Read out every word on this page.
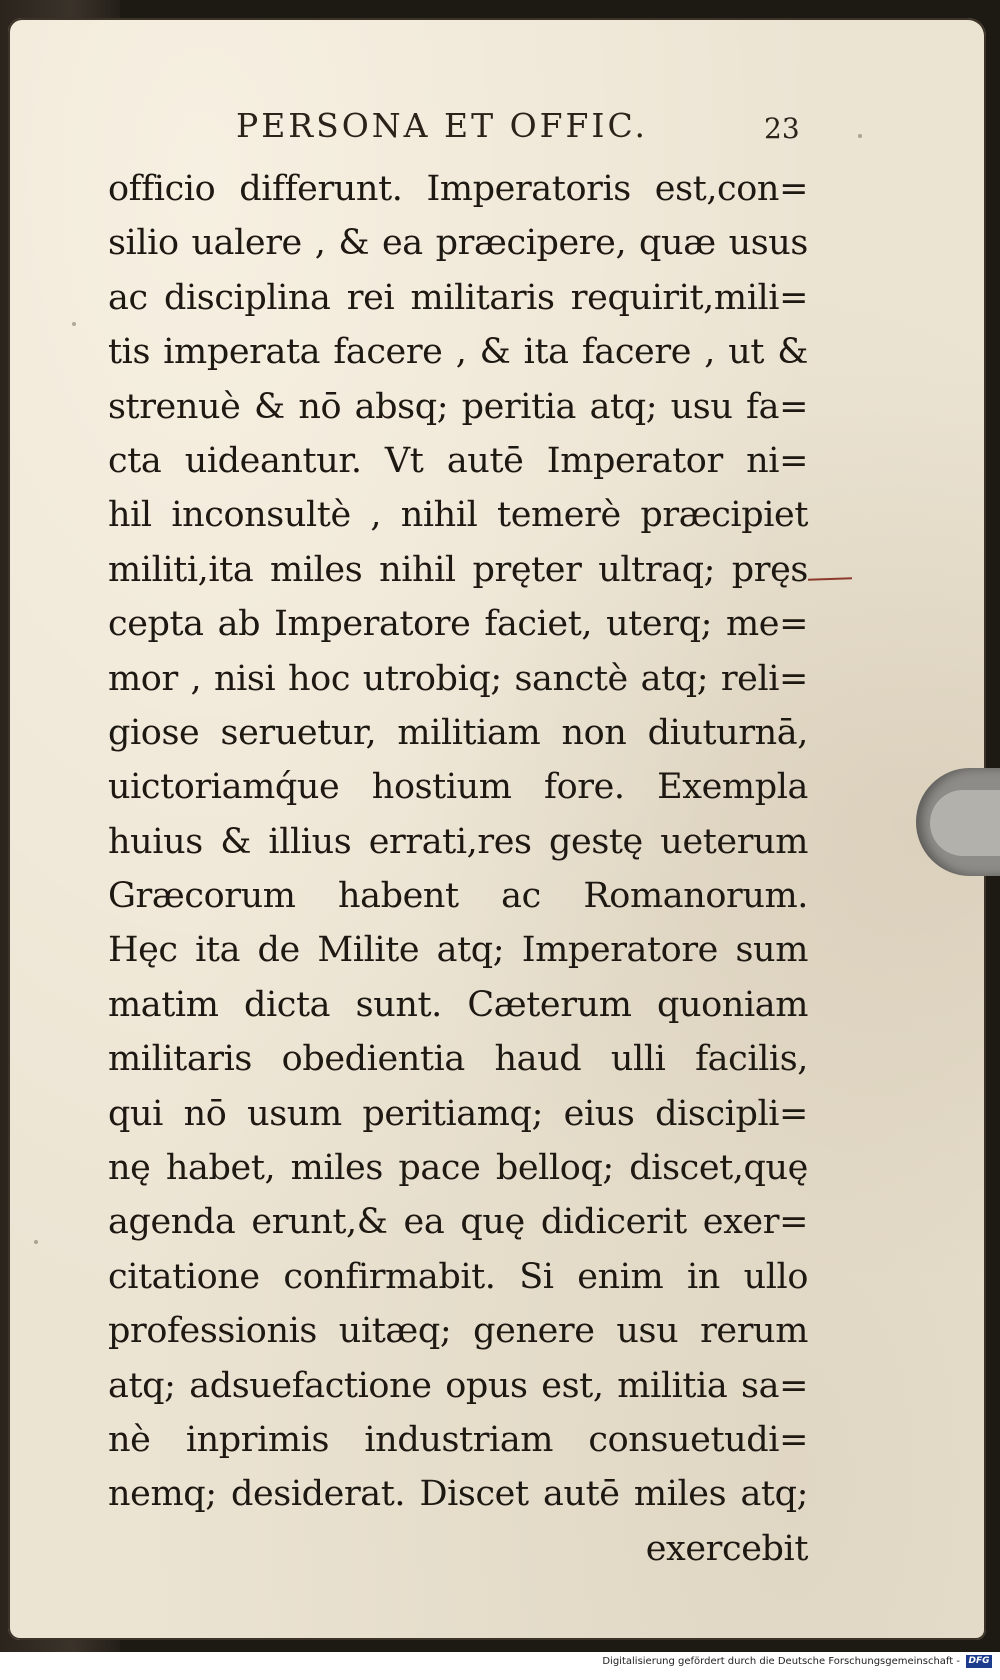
PERSONA ET OFFIC.	23
officio differunt. Imperatoris est,con=
silio ualere , & ea præcipere, quæ usus
ac disciplina rei militaris requirit,mili=
tis imperata facere , & ita facere , ut &
strenuè & nō absq; peritia atq; usu fa=
cta uideantur. Vt autē Imperator ni=
hil inconsultè , nihil temerè præcipiet
militi,ita miles nihil pręter ultraq; pręs
cepta ab Imperatore faciet, uterq; me=
mor , nisi hoc utrobiq; sanctè atq; reli=
giose seruetur, militiam non diuturnā,
uictoriamq́ue hostium fore. Exempla
huius & illius errati,res gestę ueterum
Græcorum habent ac Romanorum.
Hęc ita de Milite atq; Imperatore sum
matim dicta sunt. Cæterum quoniam
militaris obedientia haud ulli facilis,
qui nō usum peritiamq; eius discipli=
nę habet, miles pace belloq; discet,quę
agenda erunt,& ea quę didicerit exer=
citatione confirmabit. Si enim in ullo
professionis uitæq; genere usu rerum
atq; adsuefactione opus est, militia sa=
nè inprimis industriam consuetudi=
nemq; desiderat. Discet autē miles atq;
exercebit
Digitalisierung gefördert durch die Deutsche Forschungsgemeinschaft - DFG
